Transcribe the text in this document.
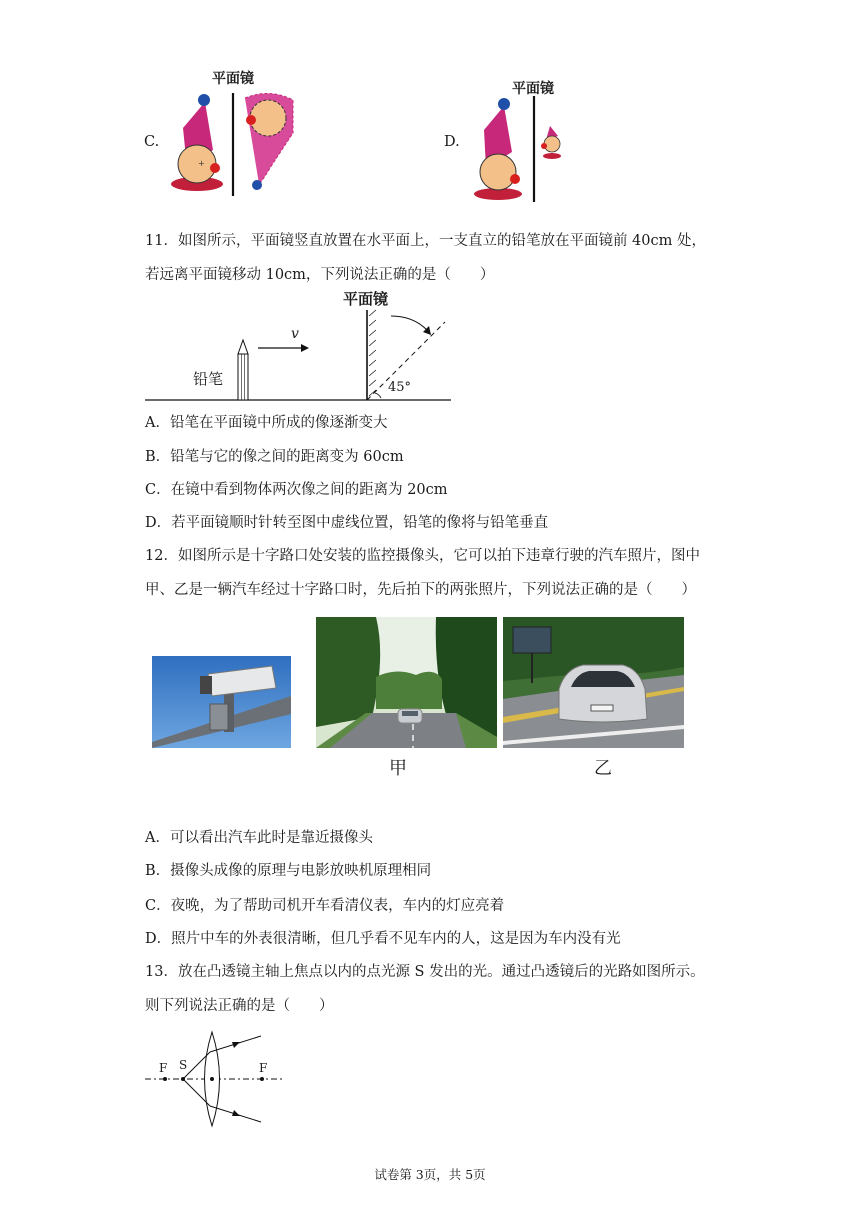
C.
平面镜
+
D.
平面镜
11．如图所示，平面镜竖直放置在水平面上，一支直立的铅笔放在平面镜前 40cm 处，
若远离平面镜移动 10cm，下列说法正确的是（　　）
平面镜
铅笔
v
45°
A．铅笔在平面镜中所成的像逐渐变大
B．铅笔与它的像之间的距离变为 60cm
C．在镜中看到物体两次像之间的距离为 20cm
D．若平面镜顺时针转至图中虚线位置，铅笔的像将与铅笔垂直
12．如图所示是十字路口处安装的监控摄像头，它可以拍下违章行驶的汽车照片，图中
甲、乙是一辆汽车经过十字路口时，先后拍下的两张照片，下列说法正确的是（　　）
甲	乙
A．可以看出汽车此时是靠近摄像头
B．摄像头成像的原理与电影放映机原理相同
C．夜晚，为了帮助司机开车看清仪表，车内的灯应亮着
D．照片中车的外表很清晰，但几乎看不见车内的人，这是因为车内没有光
13．放在凸透镜主轴上焦点以内的点光源 S 发出的光。通过凸透镜后的光路如图所示。
则下列说法正确的是（　　）
F S	F
试卷第 3页，共 5页
